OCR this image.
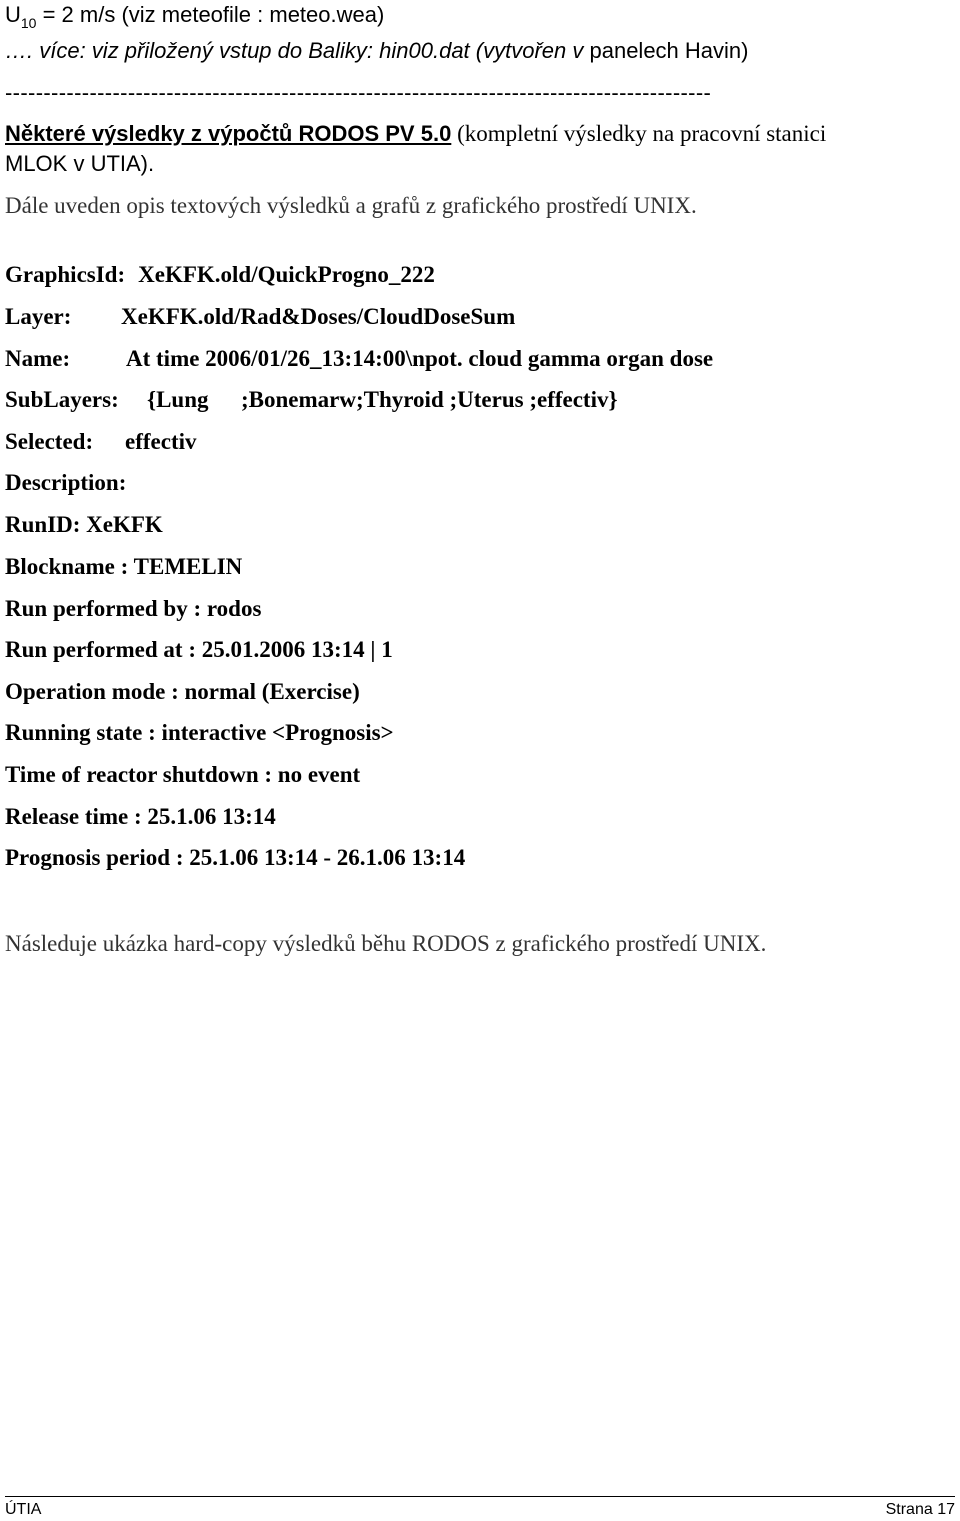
$U_{10} = 2$ m/s (viz meteofile : meteo.wea)
…. více: viz přiložený vstup do Baliky: hin00.dat (vytvořen v panelech Havin)
--------------------------------------------------------------------------------------------
Některé výsledky z výpočtů RODOS PV 5.0 (kompletní výsledky na pracovní stanici
MLOK v UTIA).
Dále uveden opis textových výsledků a grafů z grafického prostředí UNIX.
GraphicsId: XeKFK.old/QuickProgno_222
Layer: XeKFK.old/Rad&Doses/CloudDoseSum
Name: At time 2006/01/26_13:14:00\npot. cloud gamma organ dose
SubLayers: {Lung ;Bonemarw;Thyroid ;Uterus ;effectiv}
Selected: effectiv
Description:
RunID: XeKFK
Blockname : TEMELIN
Run performed by : rodos
Run performed at : 25.01.2006 13:14 | 1
Operation mode : normal (Exercise)
Running state : interactive <Prognosis>
Time of reactor shutdown : no event
Release time : 25.1.06 13:14
Prognosis period : 25.1.06 13:14 - 26.1.06 13:14
Následuje ukázka hard-copy výsledků běhu RODOS z grafického prostředí UNIX.
ÚTIA	Strana 17
